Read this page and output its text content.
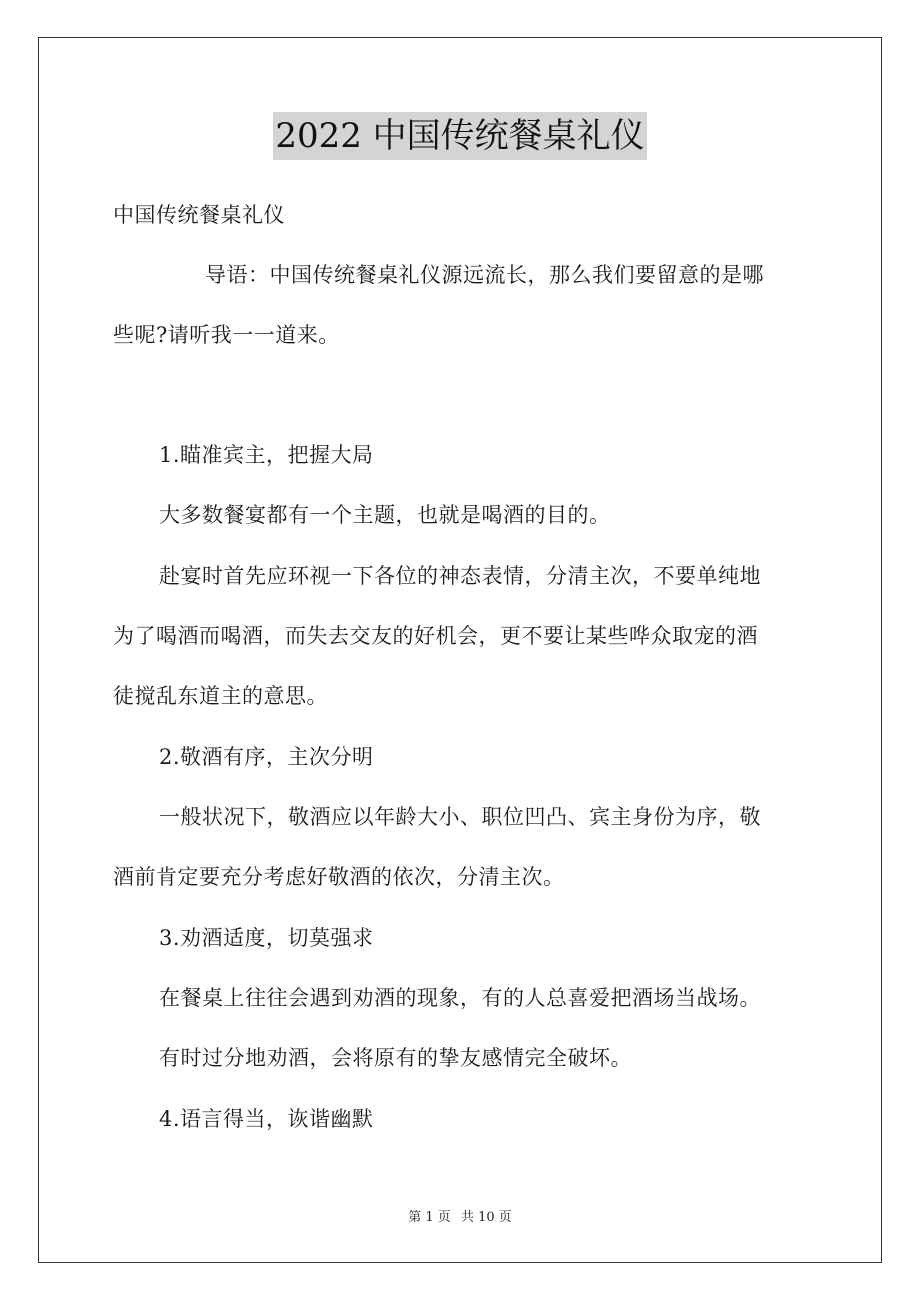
2022 中国传统餐桌礼仪
中国传统餐桌礼仪
导语：中国传统餐桌礼仪源远流长，那么我们要留意的是哪
些呢?请听我一一道来。
1.瞄准宾主，把握大局
大多数餐宴都有一个主题，也就是喝酒的目的。
赴宴时首先应环视一下各位的神态表情，分清主次，不要单纯地
为了喝酒而喝酒，而失去交友的好机会，更不要让某些哗众取宠的酒
徒搅乱东道主的意思。
2.敬酒有序，主次分明
一般状况下，敬酒应以年龄大小、职位凹凸、宾主身份为序，敬
酒前肯定要充分考虑好敬酒的依次，分清主次。
3.劝酒适度，切莫强求
在餐桌上往往会遇到劝酒的现象，有的人总喜爱把酒场当战场。
有时过分地劝酒，会将原有的挚友感情完全破坏。
4.语言得当，诙谐幽默
第 1 页 共 10 页
